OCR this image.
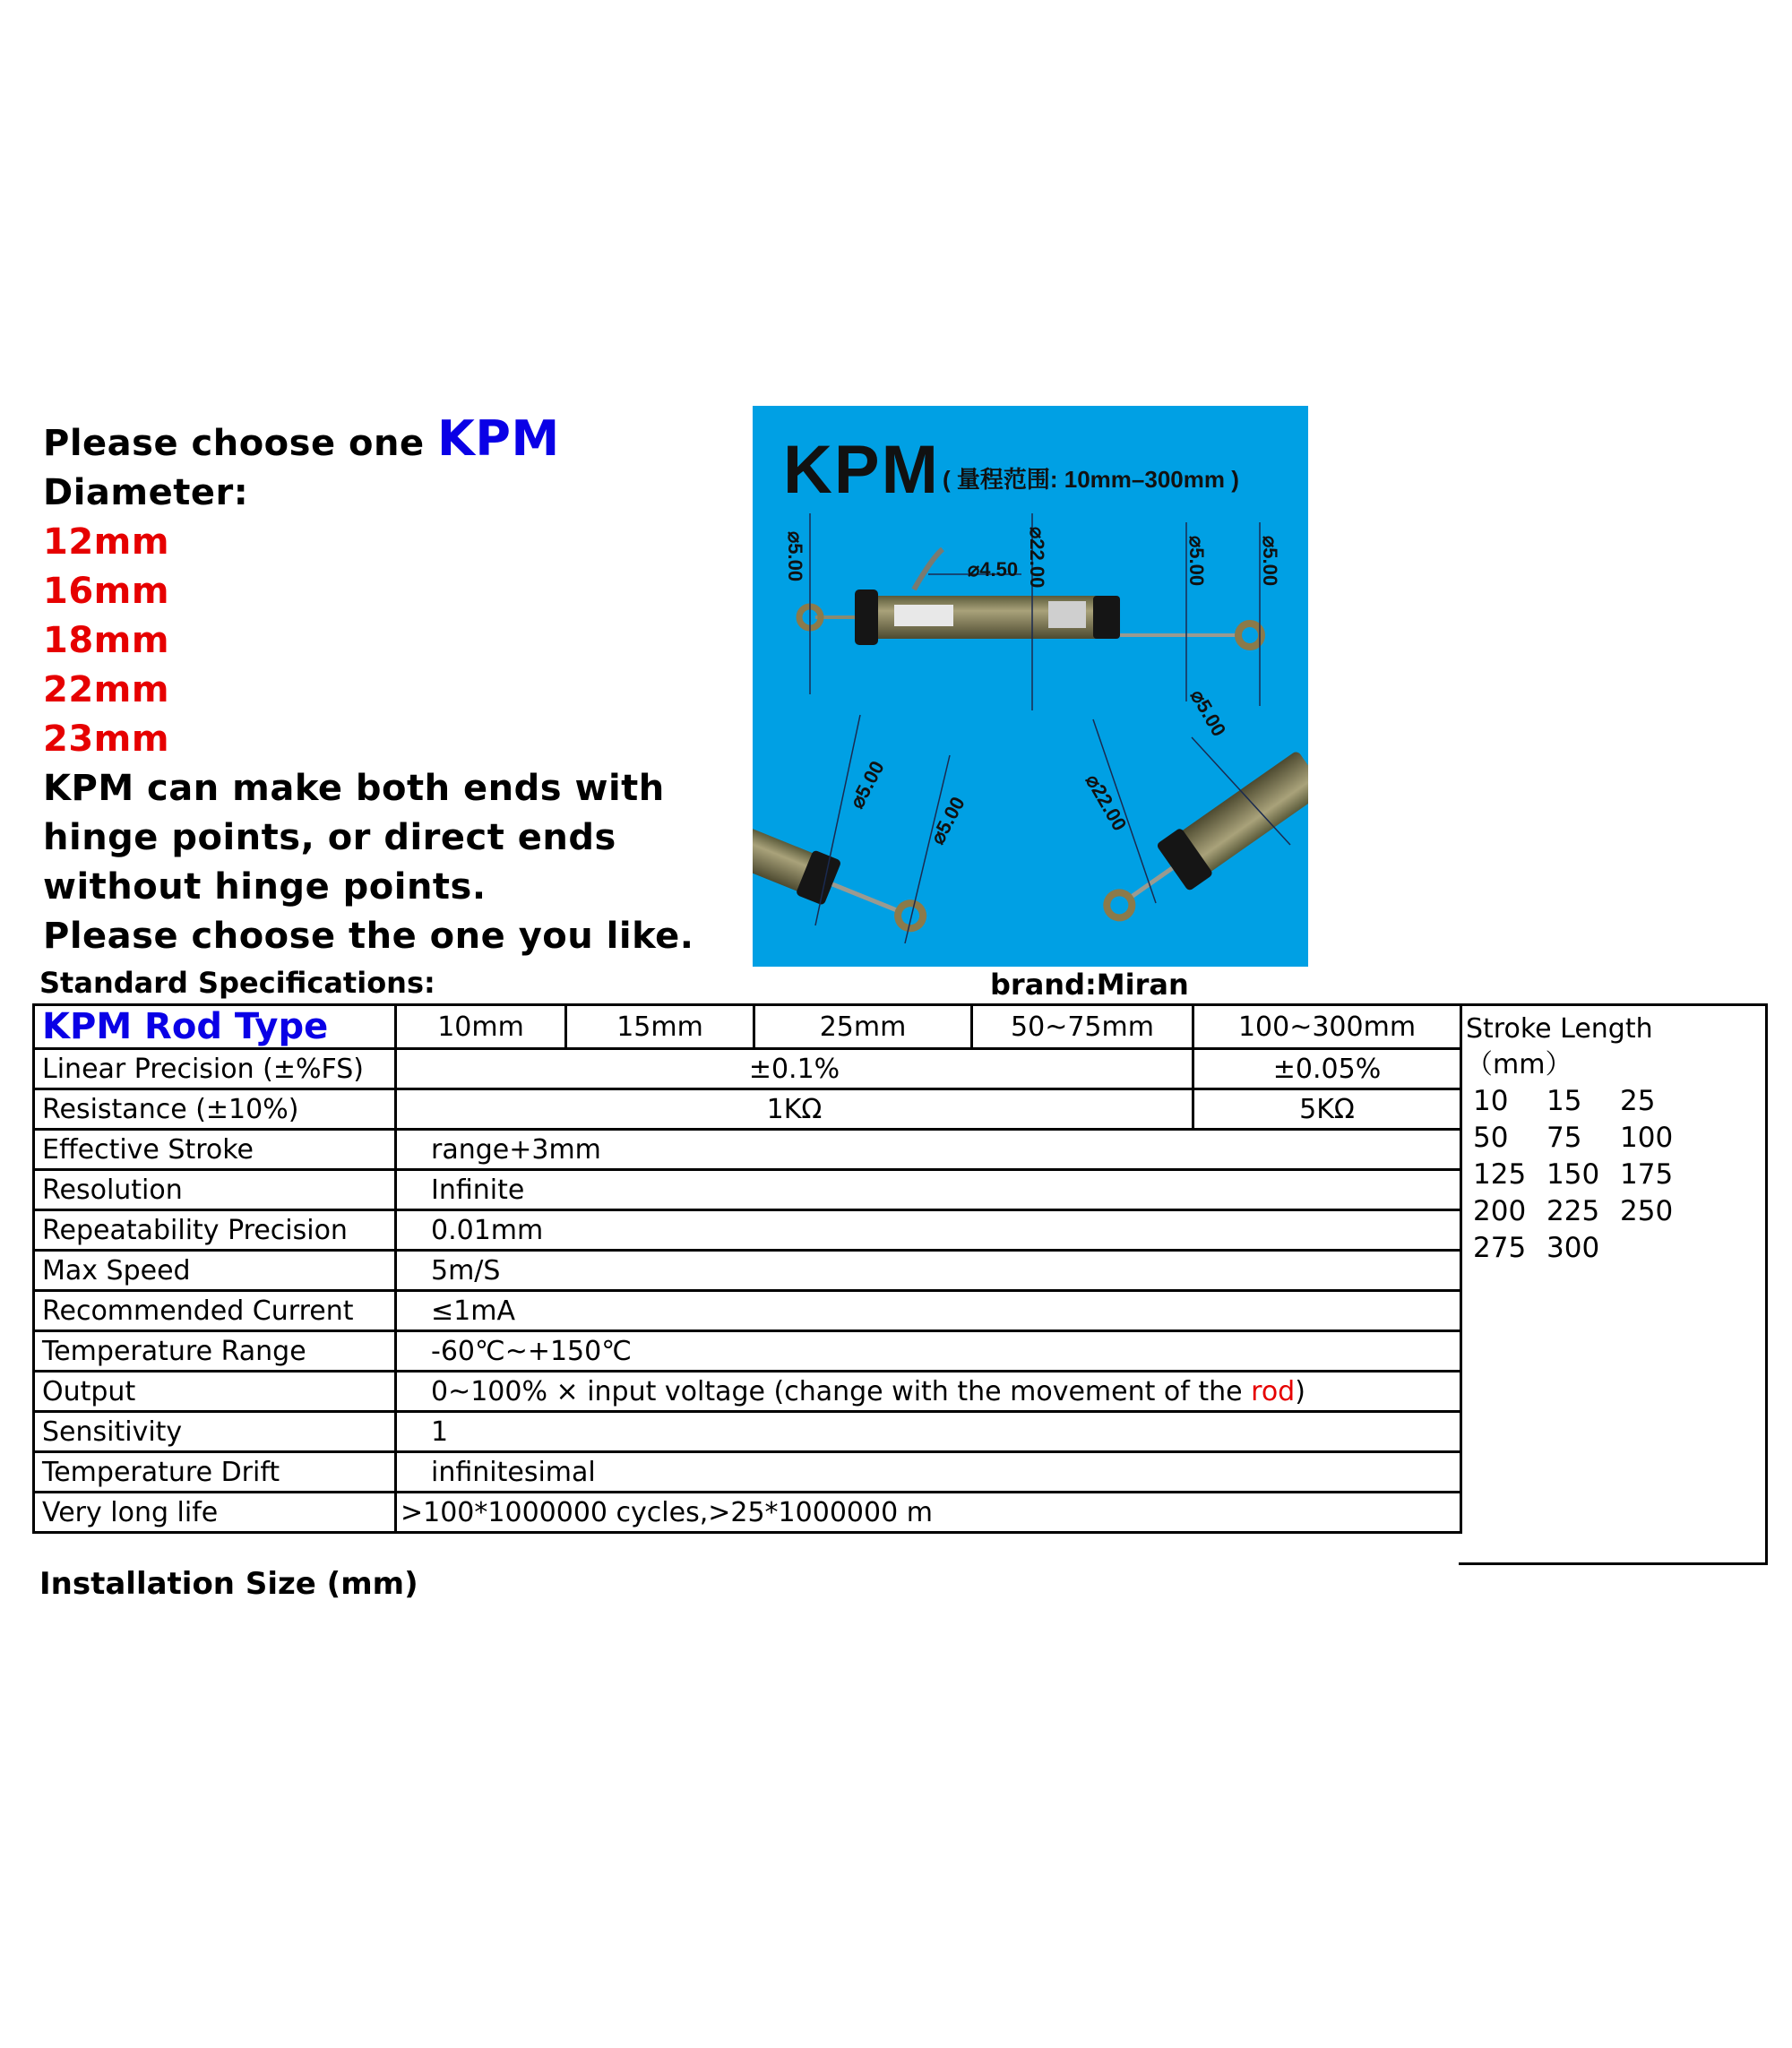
Please choose one KPM
Diameter:
12mm
16mm
18mm
22mm
23mm
KPM can make both ends with
hinge points, or direct ends
without hinge points.
Please choose the one you like.
KPM ( 量程范围: 10mm–300mm )
⌀5.00	⌀4.50 ⌀22.00	⌀5.00	⌀5.00
⌀5.00
⌀5.00	⌀22.00
⌀5.00
Standard Specifications:	brand:Miran
KPM Rod Type	10mm	15mm	25mm	50~75mm	100~300mm
Linear Precision (±%FS)	±0.1%				±0.05%
Resistance (±10%)	1KΩ				5KΩ
Effective Stroke	range+3mm				
Resolution	Infinite				
Repeatability Precision	0.01mm				
Max Speed	5m/S				
Recommended Current	≤1mA				
Temperature Range	-60℃~+150℃				
Output	0~100% × input voltage (change with the movement of the rod)				
Sensitivity	1				
Temperature Drift	infinitesimal				
Very long life	>100*1000000 cycles,>25*1000000 m				
Stroke Length
（mm）
10	15	25
50	75	100
125 150 175
200 225 250
275 300
Installation Size (mm)
